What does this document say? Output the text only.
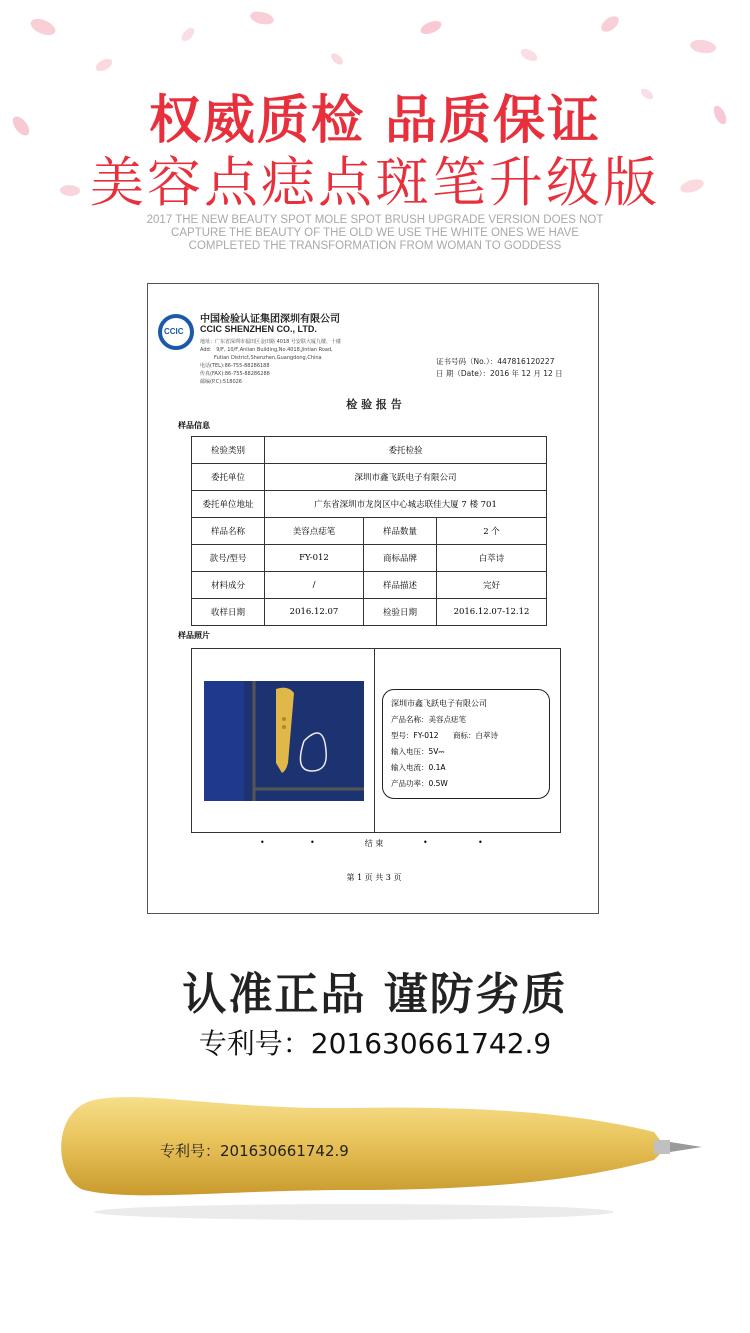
权威质检 品质保证
美容点痣点斑笔升级版
2017 THE NEW BEAUTY SPOT MOLE SPOT BRUSH UPGRADE VERSION DOES NOT
CAPTURE THE BEAUTY OF THE OLD WE USE THE WHITE ONES WE HAVE
COMPLETED THE TRANSFORMATION FROM WOMAN TO GODDESS
CCIC
中国检验认证集团深圳有限公司
CCIC SHENZHEN CO., LTD.
地址：广东省深圳市福田区金田路 4018 号安联大厦九楼、十楼
Add： 9/F, 10/F,Anlian Building,No.4018,Jintian Road,
Futian District,Shenzhen,Guangdong,China
电话(TEL):86-755-88286188
传真(FAX):86-755-88286288
邮编(P.C):518026
证书号码（No.）：447816120227
日 期（Date）：2016 年 12 月 12 日
检 验 报 告
样品信息
检验类别	委托检验		
委托单位	深圳市鑫飞跃电子有限公司		
委托单位地址	广东省深圳市龙岗区中心城志联佳大厦 7 楼 701		
样品名称	美容点痣笔	样品数量	2 个
款号/型号	FY-012	商标品牌	白萃诗
材料成分	/	样品描述	完好
收样日期	2016.12.07	检验日期	2016.12.07-12.12
样品照片
深圳市鑫飞跃电子有限公司
产品名称：美容点痣笔
型号：FY-012 商标：白萃诗
输入电压：5V⎓
输入电流：0.1A
产品功率：0.5W
•	•	结 束	•	•
第 1 页 共 3 页
认准正品 谨防劣质
专利号：201630661742.9
专利号：201630661742.9
